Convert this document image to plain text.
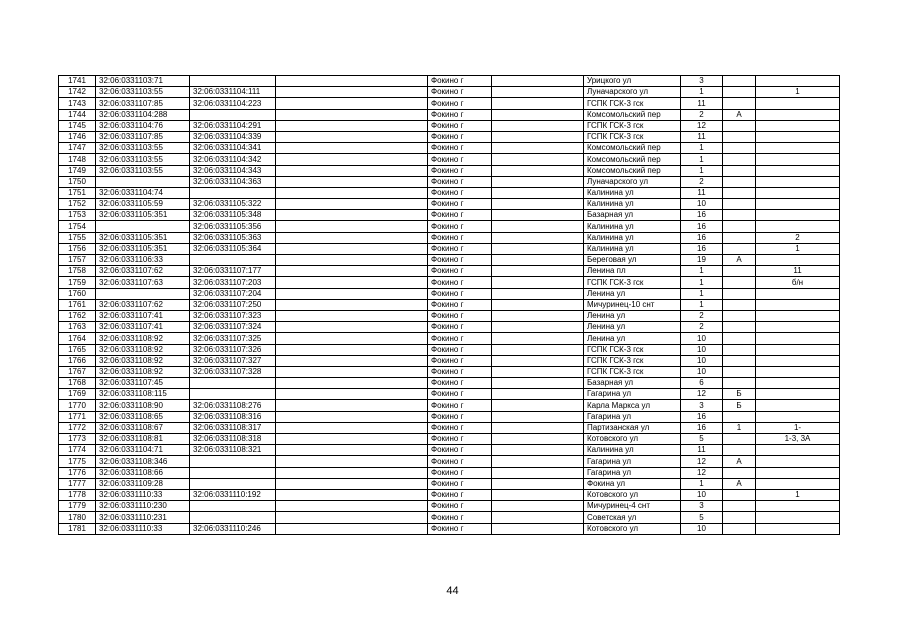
1741	32:06:0331103:71			Фокино г		Урицкого ул	3		
1742	32:06:0331103:55	32:06:0331104:111		Фокино г		Луначарского ул	1		1
1743	32:06:0331107:85	32:06:0331104:223		Фокино г		ГСПК ГСК-3 гск	11		
1744	32:06:0331104:288			Фокино г		Комсомольский пер	2	А	
1745	32:06:0331104:76	32:06:0331104:291		Фокино г		ГСПК ГСК-3 гск	12		
1746	32:06:0331107:85	32:06:0331104:339		Фокино г		ГСПК ГСК-3 гск	11		
1747	32:06:0331103:55	32:06:0331104:341		Фокино г		Комсомольский пер	1		
1748	32:06:0331103:55	32:06:0331104:342		Фокино г		Комсомольский пер	1		
1749	32:06:0331103:55	32:06:0331104:343		Фокино г		Комсомольский пер	1		
1750		32:06:0331104:363		Фокино г		Луначарского ул	2		
1751	32:06:0331104:74			Фокино г		Калинина ул	11		
1752	32:06:0331105:59	32:06:0331105:322		Фокино г		Калинина ул	10		
1753	32:06:0331105:351	32:06:0331105:348		Фокино г		Базарная ул	16		
1754		32:06:0331105:356		Фокино г		Калинина ул	16		
1755	32:06:0331105:351	32:06:0331105:363		Фокино г		Калинина ул	16		2
1756	32:06:0331105:351	32:06:0331105:364		Фокино г		Калинина ул	16		1
1757	32:06:0331106:33			Фокино г		Береговая ул	19	А	
1758	32:06:0331107:62	32:06:0331107:177		Фокино г		Ленина пл	1		11
1759	32:06:0331107:63	32:06:0331107:203		Фокино г		ГСПК ГСК-3 гск	1		б/н
1760		32:06:0331107:204		Фокино г		Ленина ул	1		
1761	32:06:0331107:62	32:06:0331107:250		Фокино г		Мичуринец-10 снт	1		
1762	32:06:0331107:41	32:06:0331107:323		Фокино г		Ленина ул	2		
1763	32:06:0331107:41	32:06:0331107:324		Фокино г		Ленина ул	2		
1764	32:06:0331108:92	32:06:0331107:325		Фокино г		Ленина ул	10		
1765	32:06:0331108:92	32:06:0331107:326		Фокино г		ГСПК ГСК-3 гск	10		
1766	32:06:0331108:92	32:06:0331107:327		Фокино г		ГСПК ГСК-3 гск	10		
1767	32:06:0331108:92	32:06:0331107:328		Фокино г		ГСПК ГСК-3 гск	10		
1768	32:06:0331107:45			Фокино г		Базарная ул	6		
1769	32:06:0331108:115			Фокино г		Гагарина ул	12	Б	
1770	32:06:0331108:90	32:06:0331108:276		Фокино г		Карла Маркса ул	3	Б	
1771	32:06:0331108:65	32:06:0331108:316		Фокино г		Гагарина ул	16		
1772	32:06:0331108:67	32:06:0331108:317		Фокино г		Партизанская ул	16	1	1-
1773	32:06:0331108:81	32:06:0331108:318		Фокино г		Котовского ул	5		1-3, 3А
1774	32:06:0331104:71	32:06:0331108:321		Фокино г		Калинина ул	11		
1775	32:06:0331108:346			Фокино г		Гагарина ул	12	А	
1776	32:06:0331108:66			Фокино г		Гагарина ул	12		
1777	32:06:0331109:28			Фокино г		Фокина ул	1	А	
1778	32:06:0331110:33	32:06:0331110:192		Фокино г		Котовского ул	10		1
1779	32:06:0331110:230			Фокино г		Мичуринец-4 снт	3		
1780	32:06:0331110:231			Фокино г		Советская ул	5		
1781	32:06:0331110:33	32:06:0331110:246		Фокино г		Котовского ул	10		
44
